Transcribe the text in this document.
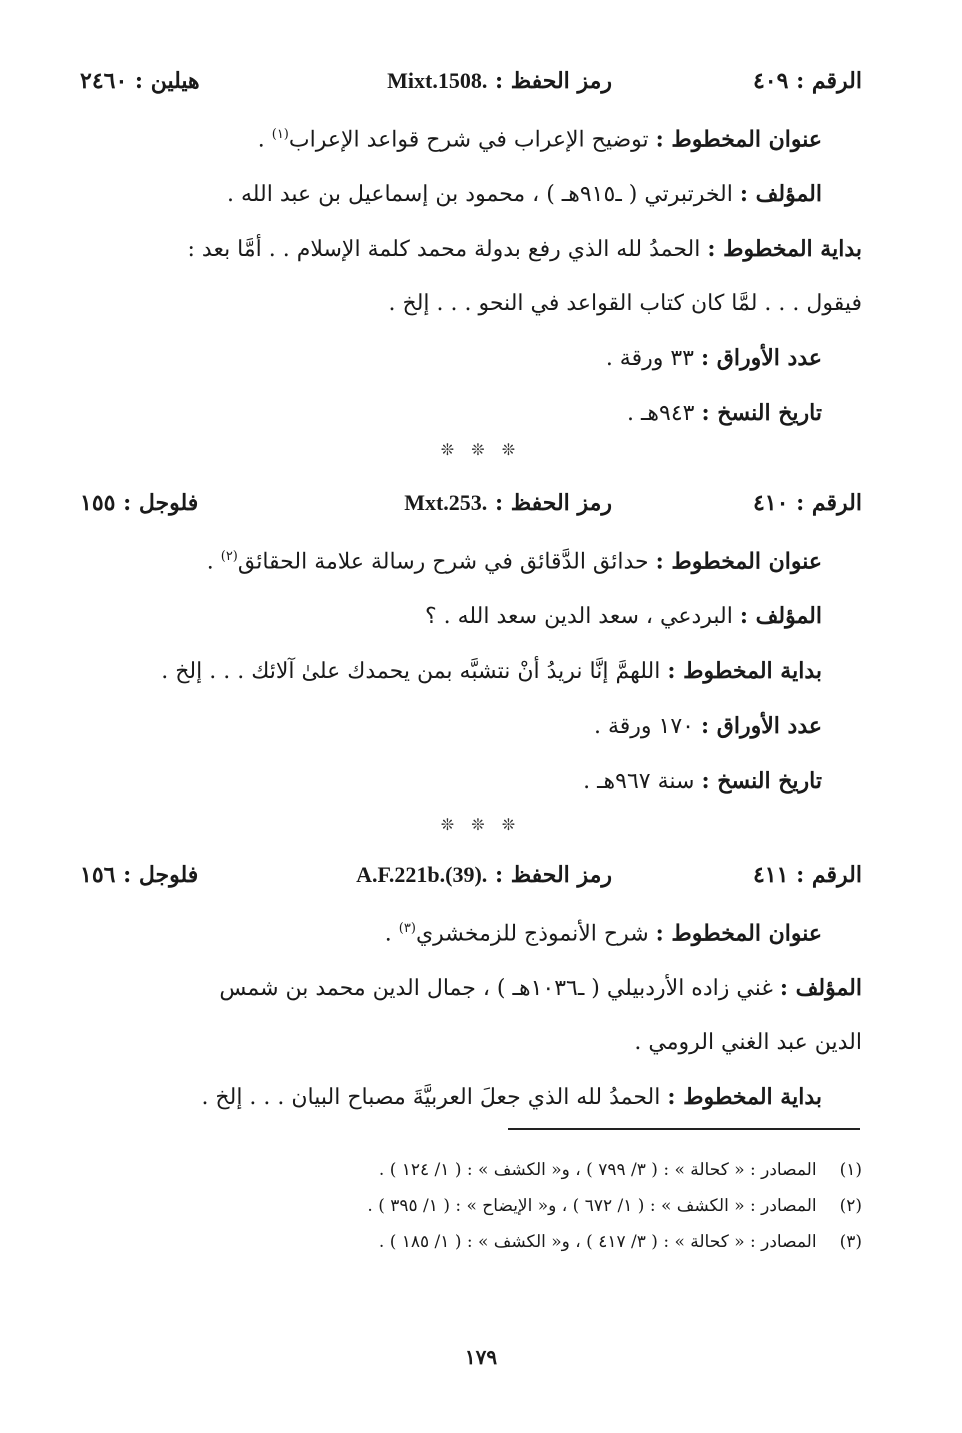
الرقم : ٤٠٩
رمز الحفظ : Mixt.1508.
هيلين : ٢٤٦٠
عنوان المخطوط : توضيح الإعراب في شرح قواعد الإعراب$^{(١)}$ .
المؤلف : الخرتبرتي ( ـ٩١٥هـ ) ، محمود بن إسماعيل بن عبد الله .
بداية المخطوط : الحمدُ لله الذي رفع بدولة محمد كلمة الإسلام . . أمَّا بعد :
فيقول . . . لمَّا كان كتاب القواعد في النحو . . . إلخ .
عدد الأوراق : ٣٣ ورقة .
تاريخ النسخ : ٩٤٣هـ .
❊ ❊ ❊
الرقم : ٤١٠
رمز الحفظ : Mxt.253.
فلوجل : ١٥٥
عنوان المخطوط : حدائق الدَّقائق في شرح رسالة علامة الحقائق$^{(٢)}$ .
المؤلف : البردعي ، سعد الدين سعد الله . ؟
بداية المخطوط : اللهمَّ إنَّا نريدُ أنْ نتشبَّه بمن يحمدك علىٰ آلائك . . . إلخ .
عدد الأوراق : ١٧٠ ورقة .
تاريخ النسخ : سنة ٩٦٧هـ .
❊ ❊ ❊
الرقم : ٤١١
رمز الحفظ : A.F.221b.(39).
فلوجل : ١٥٦
عنوان المخطوط : شرح الأنموذج للزمخشري$^{(٣)}$ .
المؤلف : غني زاده الأردبيلي ( ـ١٠٣٦هـ ) ، جمال الدين محمد بن شمس
الدين عبد الغني الرومي .
بداية المخطوط : الحمدُ لله الذي جعلَ العربيَّةَ مصباح البيان . . . إلخ .
(١) المصادر : « كحالة » : ( ٣/ ٧٩٩ ) ، و« الكشف » : ( ١/ ١٢٤ ) .
(٢) المصادر : « الكشف » : ( ١/ ٦٧٢ ) ، و« الإيضاح » : ( ١/ ٣٩٥ ) .
(٣) المصادر : « كحالة » : ( ٣/ ٤١٧ ) ، و« الكشف » : ( ١/ ١٨٥ ) .
١٧٩
